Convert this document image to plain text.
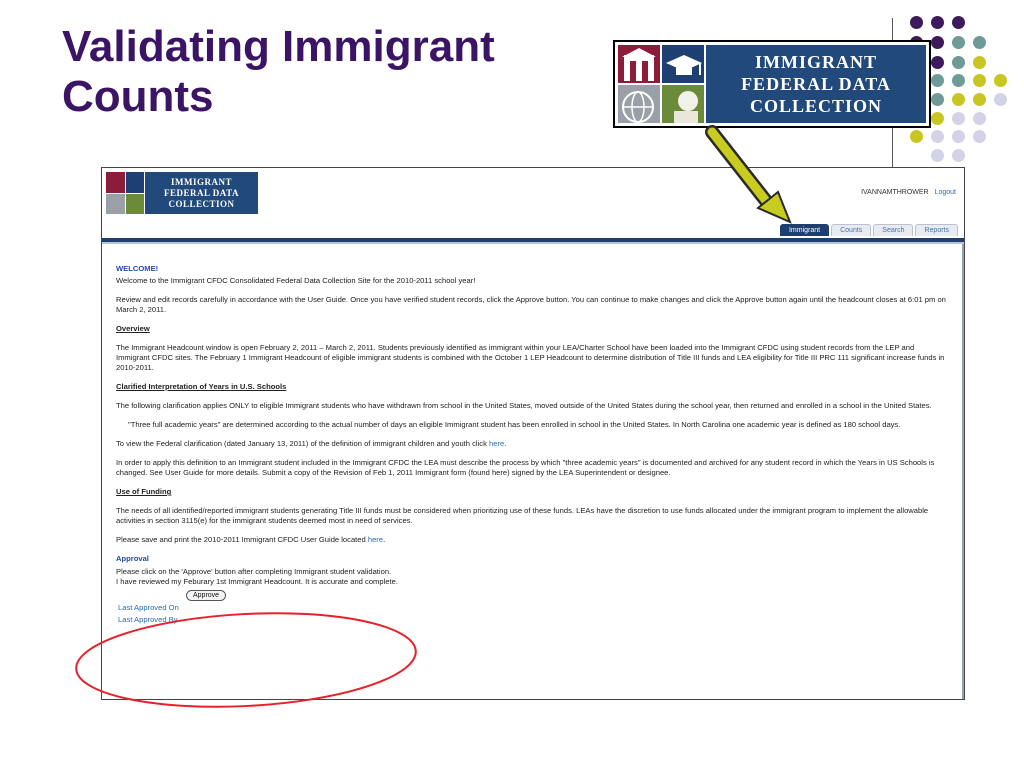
Validating Immigrant
Counts
IMMIGRANT
FEDERAL DATA
COLLECTION
IMMIGRANT
FEDERAL DATA
COLLECTION
IVANNAMTHROWER Logout
Immigrant	Counts	Search	Reports

WELCOME!

Welcome to the Immigrant CFDC Consolidated Federal Data Collection Site for the 2010-2011 school year!

Review and edit records carefully in accordance with the User Guide. Once you have verified student records, click the Approve button. You can continue to make changes and click the Approve button again until the headcount closes at 6:01 pm on March 2, 2011.

Overview

The Immigrant Headcount window is open February 2, 2011 – March 2, 2011. Students previously identified as immigrant within your LEA/Charter School have been loaded into the Immigrant CFDC using student records from the LEP and Immigrant CFDC sites. The February 1 Immigrant Headcount of eligible immigrant students is combined with the October 1 LEP Headcount to determine distribution of Title III funds and LEA eligibility for Title III PRC 111 significant increase funds in 2010-2011.

Clarified Interpretation of Years in U.S. Schools

The following clarification applies ONLY to eligible Immigrant students who have withdrawn from school in the United States, moved outside of the United States during the school year, then returned and enrolled in a school in the United States.

"Three full academic years" are determined according to the actual number of days an eligible Immigrant student has been enrolled in school in the United States. In North Carolina one academic year is defined as 180 school days.

To view the Federal clarification (dated January 13, 2011) of the definition of immigrant children and youth click here.

In order to apply this definition to an Immigrant student included in the Immigrant CFDC the LEA must describe the process by which "three academic years" is documented and archived for any student record in which the Years in US Schools is changed. See User Guide for more details. Submit a copy of the Revision of Feb 1, 2011 Immigrant form (found here) signed by the LEA Superintendent or designee.

Use of Funding

The needs of all identified/reported immigrant students generating Title III funds must be considered when prioritizing use of these funds. LEAs have the discretion to use funds allocated under the immigrant program to implement the allowable activities in section 3115(e) for the immigrant students deemed most in need of services.

Please save and print the 2010-2011 Immigrant CFDC User Guide located here.

Approval

Please click on the 'Approve' button after completing Immigrant student validation.

I have reviewed my Feburary 1st Immigrant Headcount. It is accurate and complete.

Approve

Last Approved On

Last Approved By
